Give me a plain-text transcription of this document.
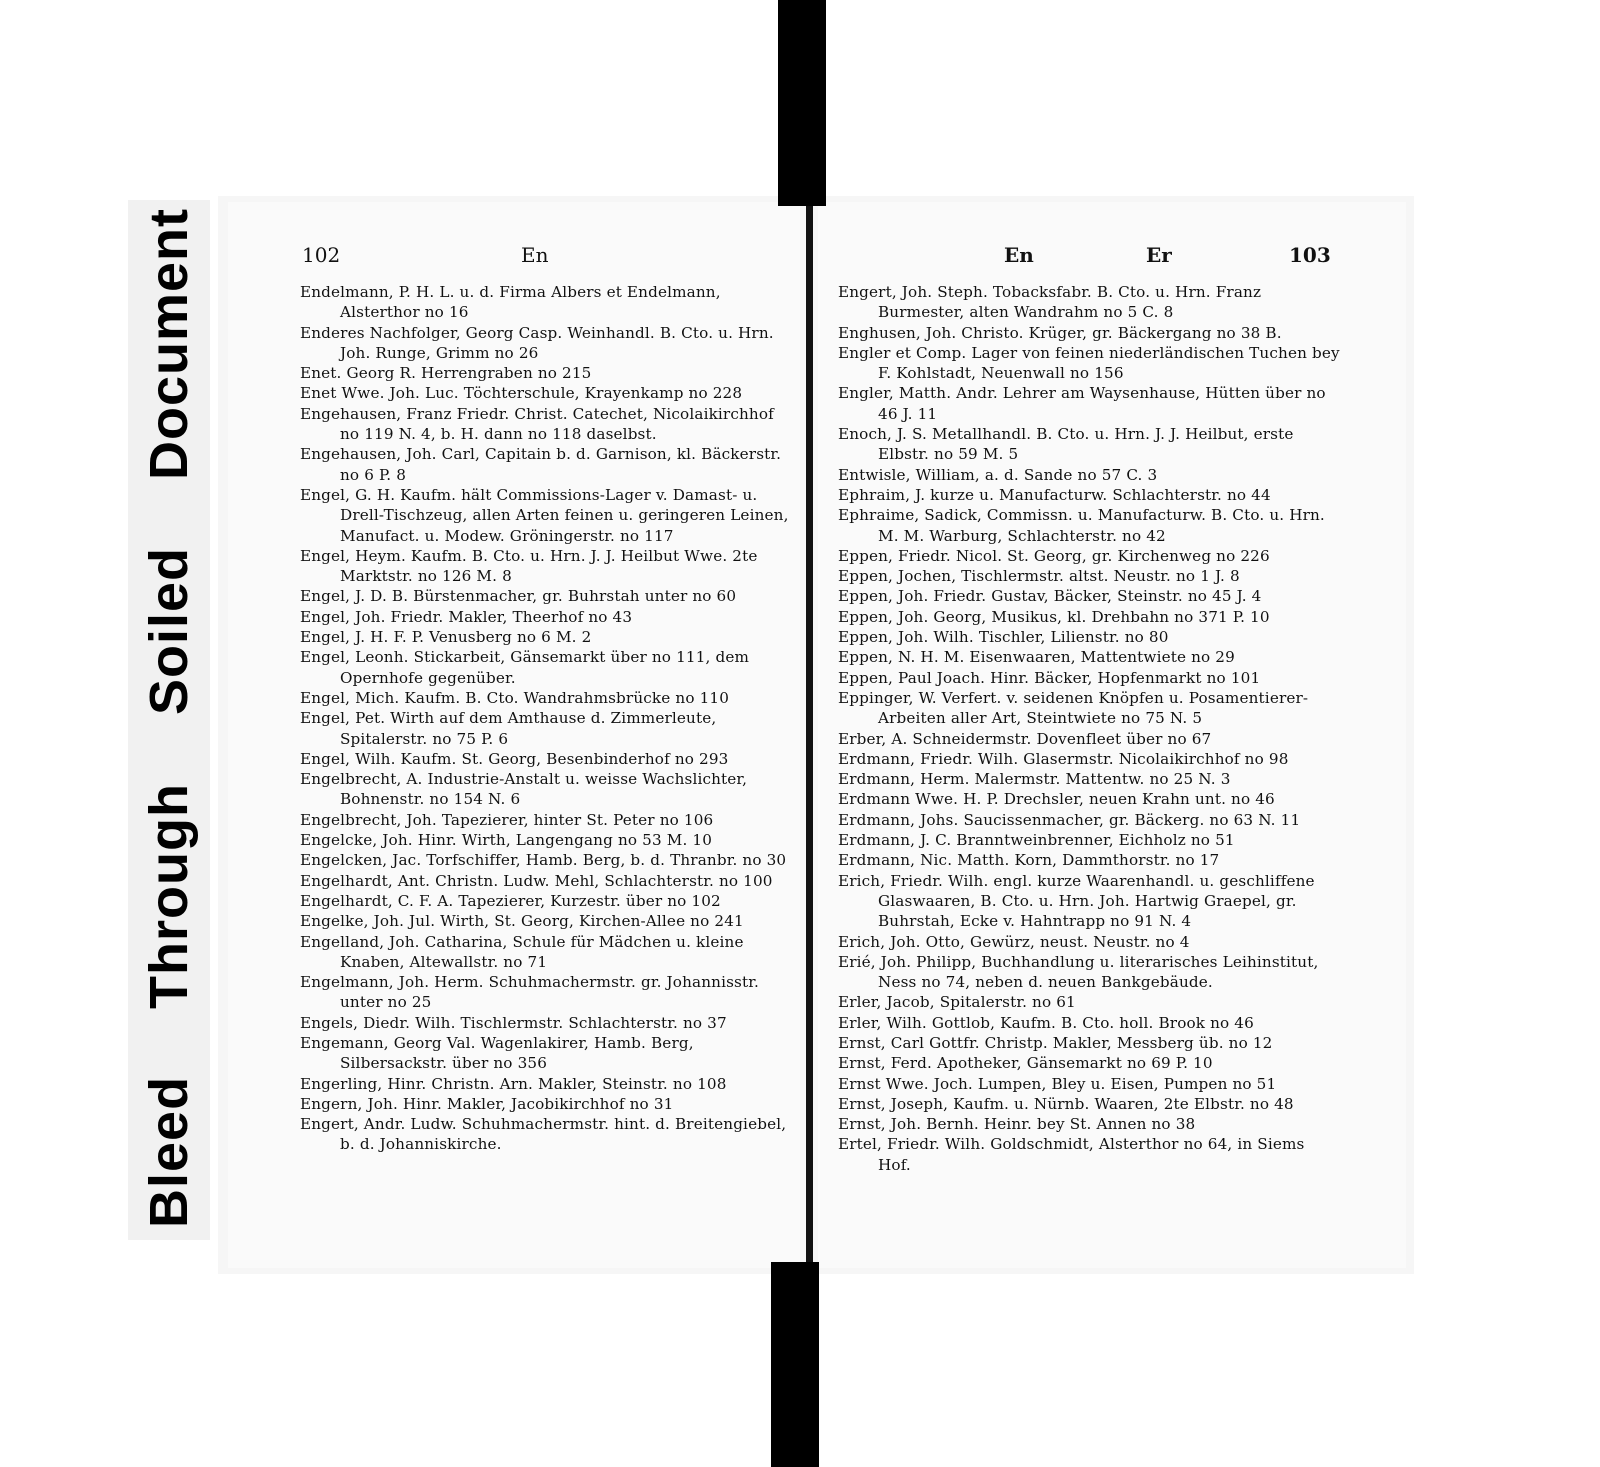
Bleed
Through
Soiled
Document	102	En	En	Er	103

Endelmann, P. H. L. u. d. Firma Albers et Endelmann, Alsterthor no 16

Enderes Nachfolger, Georg Casp. Weinhandl. B. Cto. u. Hrn. Joh. Runge, Grimm no 26

Enet. Georg R. Herrengraben no 215

Enet Wwe. Joh. Luc. Töchterschule, Krayenkamp no 228

Engehausen, Franz Friedr. Christ. Catechet, Nicolaikirchhof no 119 N. 4, b. H. dann no 118 daselbst.

Engehausen, Joh. Carl, Capitain b. d. Garnison, kl. Bäckerstr. no 6 P. 8

Engel, G. H. Kaufm. hält Commissions-Lager v. Damast- u. Drell-Tischzeug, allen Arten feinen u. geringeren Leinen, Manufact. u. Modew. Gröningerstr. no 117

Engel, Heym. Kaufm. B. Cto. u. Hrn. J. J. Heilbut Wwe. 2te Marktstr. no 126 M. 8

Engel, J. D. B. Bürstenmacher, gr. Buhrstah unter no 60

Engel, Joh. Friedr. Makler, Theerhof no 43

Engel, J. H. F. P. Venusberg no 6 M. 2

Engel, Leonh. Stickarbeit, Gänsemarkt über no 111, dem Opernhofe gegenüber.

Engel, Mich. Kaufm. B. Cto. Wandrahmsbrücke no 110

Engel, Pet. Wirth auf dem Amthause d. Zimmerleute, Spitalerstr. no 75 P. 6

Engel, Wilh. Kaufm. St. Georg, Besenbinderhof no 293

Engelbrecht, A. Industrie-Anstalt u. weisse Wachslichter, Bohnenstr. no 154 N. 6

Engelbrecht, Joh. Tapezierer, hinter St. Peter no 106

Engelcke, Joh. Hinr. Wirth, Langengang no 53 M. 10

Engelcken, Jac. Torfschiffer, Hamb. Berg, b. d. Thranbr. no 30

Engelhardt, Ant. Christn. Ludw. Mehl, Schlachterstr. no 100

Engelhardt, C. F. A. Tapezierer, Kurzestr. über no 102

Engelke, Joh. Jul. Wirth, St. Georg, Kirchen-Allee no 241

Engelland, Joh. Catharina, Schule für Mädchen u. kleine Knaben, Altewallstr. no 71

Engelmann, Joh. Herm. Schuhmachermstr. gr. Johannisstr. unter no 25

Engels, Diedr. Wilh. Tischlermstr. Schlachterstr. no 37

Engemann, Georg Val. Wagenlakirer, Hamb. Berg, Silbersackstr. über no 356

Engerling, Hinr. Christn. Arn. Makler, Steinstr. no 108

Engern, Joh. Hinr. Makler, Jacobikirchhof no 31

Engert, Andr. Ludw. Schuhmachermstr. hint. d. Breitengiebel, b. d. Johanniskirche.

Engert, Joh. Steph. Tobacksfabr. B. Cto. u. Hrn. Franz Burmester, alten Wandrahm no 5 C. 8

Enghusen, Joh. Christo. Krüger, gr. Bäckergang no 38 B.

Engler et Comp. Lager von feinen niederländischen Tuchen bey F. Kohlstadt, Neuenwall no 156

Engler, Matth. Andr. Lehrer am Waysenhause, Hütten über no 46 J. 11

Enoch, J. S. Metallhandl. B. Cto. u. Hrn. J. J. Heilbut, erste Elbstr. no 59 M. 5

Entwisle, William, a. d. Sande no 57 C. 3

Ephraim, J. kurze u. Manufacturw. Schlachterstr. no 44

Ephraime, Sadick, Commissn. u. Manufacturw. B. Cto. u. Hrn. M. M. Warburg, Schlachterstr. no 42

Eppen, Friedr. Nicol. St. Georg, gr. Kirchenweg no 226

Eppen, Jochen, Tischlermstr. altst. Neustr. no 1 J. 8

Eppen, Joh. Friedr. Gustav, Bäcker, Steinstr. no 45 J. 4

Eppen, Joh. Georg, Musikus, kl. Drehbahn no 371 P. 10

Eppen, Joh. Wilh. Tischler, Lilienstr. no 80

Eppen, N. H. M. Eisenwaaren, Mattentwiete no 29

Eppen, Paul Joach. Hinr. Bäcker, Hopfenmarkt no 101

Eppinger, W. Verfert. v. seidenen Knöpfen u. Posamentierer-Arbeiten aller Art, Steintwiete no 75 N. 5

Erber, A. Schneidermstr. Dovenfleet über no 67

Erdmann, Friedr. Wilh. Glasermstr. Nicolaikirchhof no 98

Erdmann, Herm. Malermstr. Mattentw. no 25 N. 3

Erdmann Wwe. H. P. Drechsler, neuen Krahn unt. no 46

Erdmann, Johs. Saucissenmacher, gr. Bäckerg. no 63 N. 11

Erdmann, J. C. Branntweinbrenner, Eichholz no 51

Erdmann, Nic. Matth. Korn, Dammthorstr. no 17

Erich, Friedr. Wilh. engl. kurze Waarenhandl. u. geschliffene Glaswaaren, B. Cto. u. Hrn. Joh. Hartwig Graepel, gr. Buhrstah, Ecke v. Hahntrapp no 91 N. 4

Erich, Joh. Otto, Gewürz, neust. Neustr. no 4

Erié, Joh. Philipp, Buchhandlung u. literarisches Leihinstitut, Ness no 74, neben d. neuen Bankgebäude.

Erler, Jacob, Spitalerstr. no 61

Erler, Wilh. Gottlob, Kaufm. B. Cto. holl. Brook no 46

Ernst, Carl Gottfr. Christp. Makler, Messberg üb. no 12

Ernst, Ferd. Apotheker, Gänsemarkt no 69 P. 10

Ernst Wwe. Joch. Lumpen, Bley u. Eisen, Pumpen no 51

Ernst, Joseph, Kaufm. u. Nürnb. Waaren, 2te Elbstr. no 48

Ernst, Joh. Bernh. Heinr. bey St. Annen no 38

Ertel, Friedr. Wilh. Goldschmidt, Alsterthor no 64, in Siems Hof.
